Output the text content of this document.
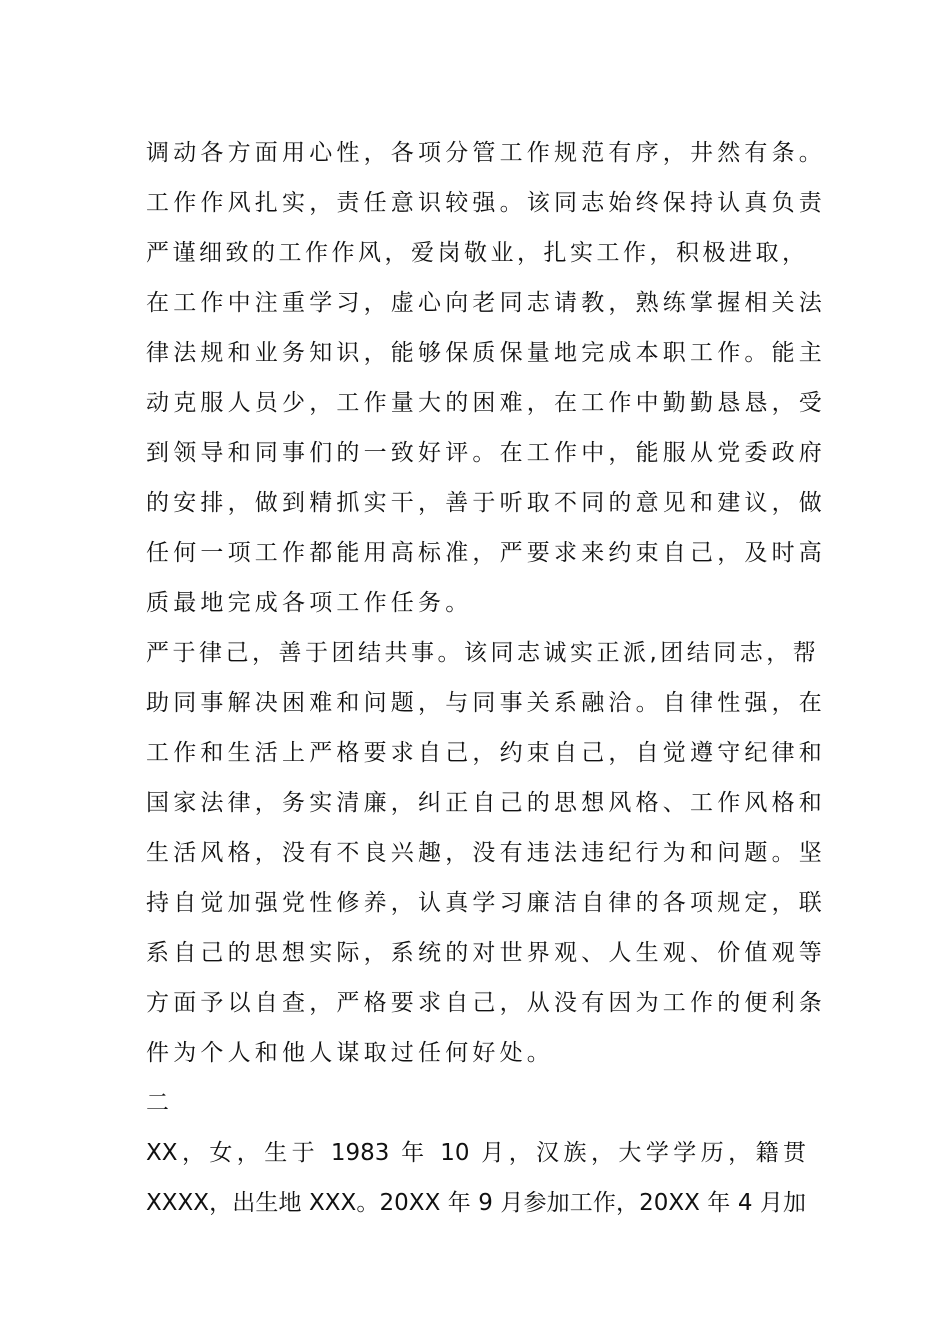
调动各方面用心性，各项分管工作规范有序，井然有条。
工作作风扎实，责任意识较强。该同志始终保持认真负责
严谨细致的工作作风，爱岗敬业，扎实工作，积极进取，
在工作中注重学习，虚心向老同志请教，熟练掌握相关法
律法规和业务知识，能够保质保量地完成本职工作。能主
动克服人员少，工作量大的困难，在工作中勤勤恳恳，受
到领导和同事们的一致好评。在工作中，能服从党委政府
的安排，做到精抓实干，善于听取不同的意见和建议，做
任何一项工作都能用高标准，严要求来约束自己，及时高
质最地完成各项工作任务。
严于律己，善于团结共事。该同志诚实正派,团结同志，帮
助同事解决困难和问题，与同事关系融洽。自律性强，在
工作和生活上严格要求自己，约束自己，自觉遵守纪律和
国家法律，务实清廉，纠正自己的思想风格、工作风格和
生活风格，没有不良兴趣，没有违法违纪行为和问题。坚
持自觉加强党性修养，认真学习廉洁自律的各项规定，联
系自己的思想实际，系统的对世界观、人生观、价值观等
方面予以自查，严格要求自己，从没有因为工作的便利条
件为个人和他人谋取过任何好处。
二
XX，女，生于 1983 年 10 月，汉族，大学学历，籍贯
XXXX，出生地 XXX。20XX 年 9 月参加工作，20XX 年 4 月加
